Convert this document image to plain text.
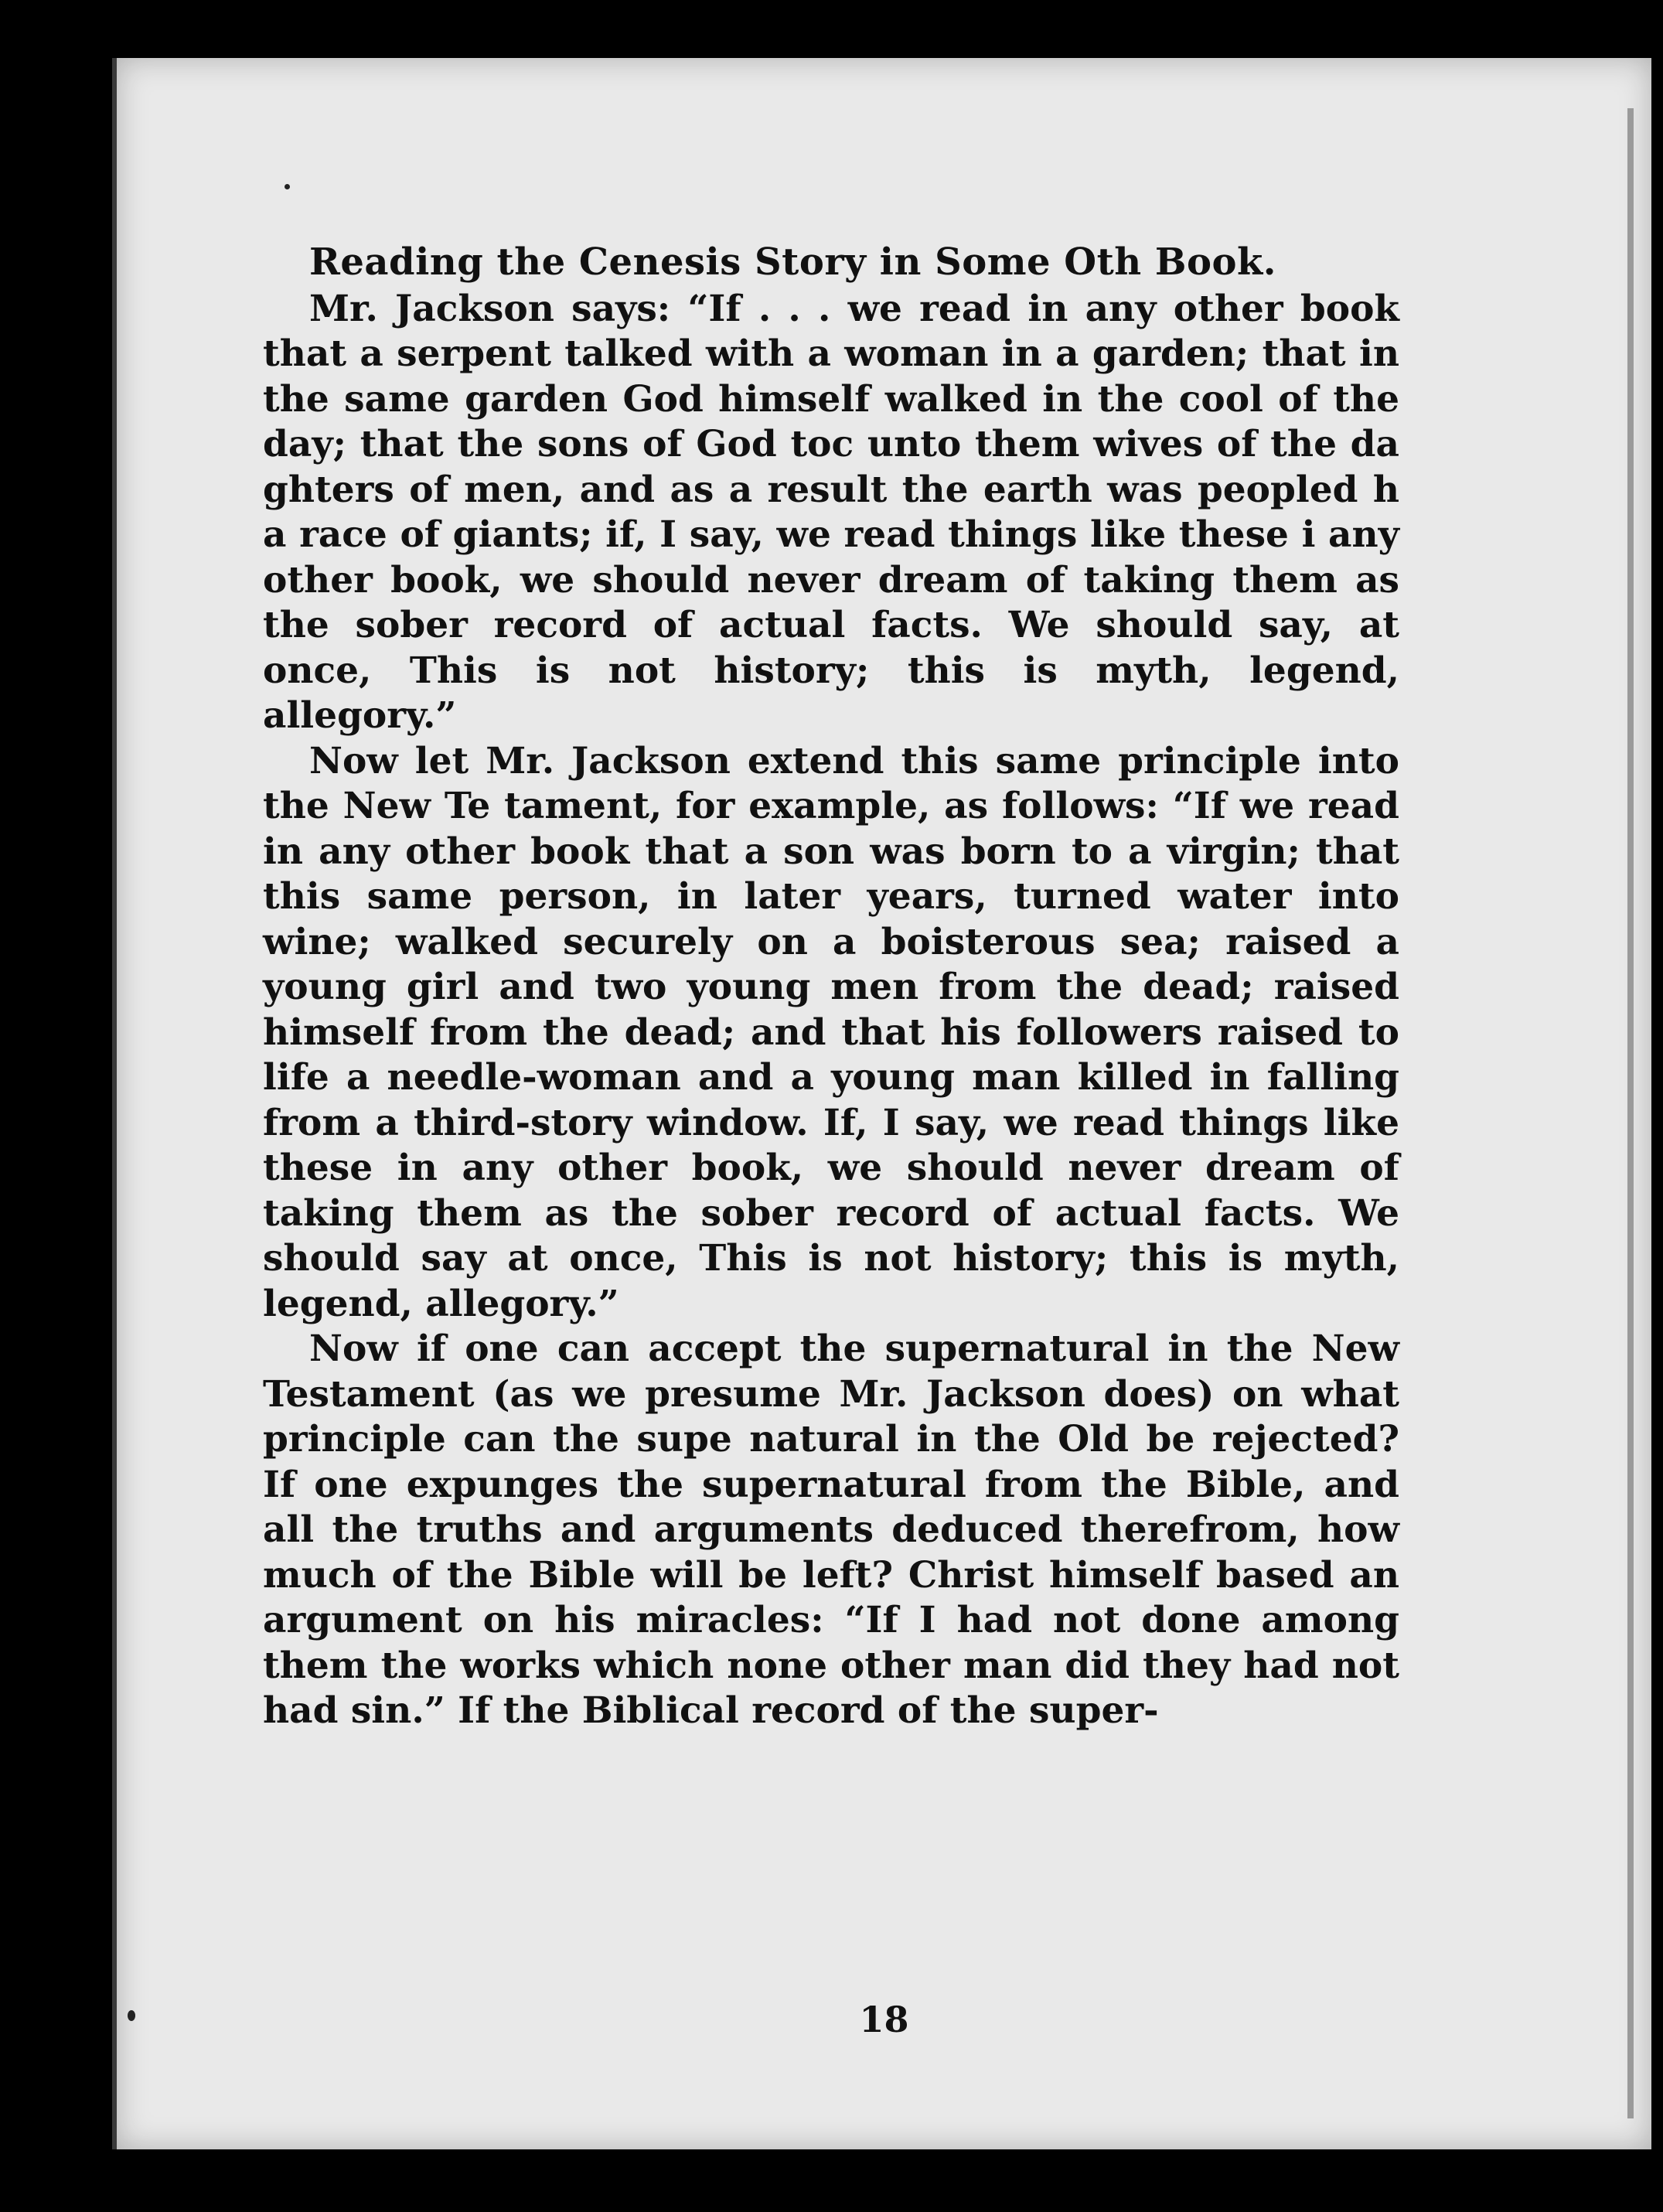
18
Reading the Cenesis Story in Some Oth Book.

Mr. Jackson says: “If . . . we read in any other book that a serpent talked with a woman in a garden; that in the same garden God himself walked in the cool of the day; that the sons of God toc unto them wives of the da ghters of men, and as a result the earth was peopled h a race of giants; if, I say, we read things like these i any other book, we should never dream of taking them as the sober record of actual facts. We should say, at once, This is not history; this is myth, legend, allegory.”

Now let Mr. Jackson extend this same principle into the New Te tament, for example, as follows: “If we read in any other book that a son was born to a virgin; that this same person, in later years, turned water into wine; walked securely on a boisterous sea; raised a young girl and two young men from the dead; raised himself from the dead; and that his followers raised to life a needle-woman and a young man killed in falling from a third-story window. If, I say, we read things like these in any other book, we should never dream of taking them as the sober record of actual facts. We should say at once, This is not history; this is myth, legend, allegory.”

Now if one can accept the supernatural in the New Testament (as we presume Mr. Jackson does) on what principle can the supe natural in the Old be rejected? If one expunges the supernatural from the Bible, and all the truths and arguments deduced therefrom, how much of the Bible will be left? Christ himself based an argument on his miracles: “If I had not done among them the works which none other man did they had not had sin.” If the Biblical record of the super-
